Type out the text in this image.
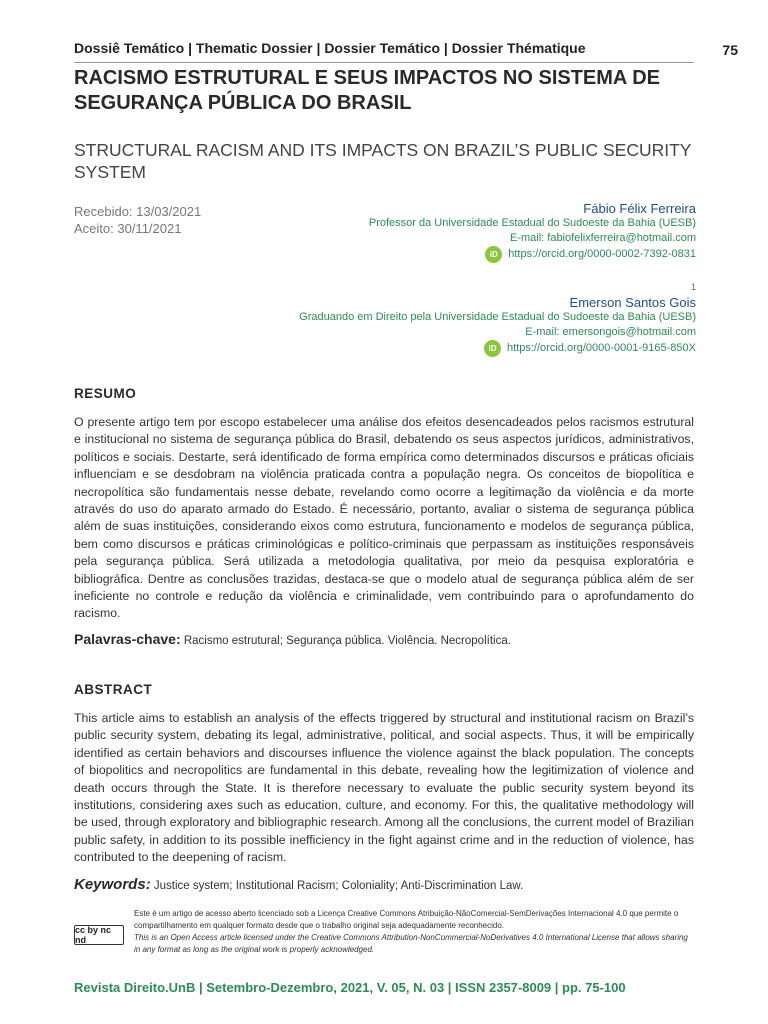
Dossiê Temático | Thematic Dossier | Dossier Temático | Dossier Thématique	75
RACISMO ESTRUTURAL E SEUS IMPACTOS NO SISTEMA DE SEGURANÇA PÚBLICA DO BRASIL
STRUCTURAL RACISM AND ITS IMPACTS ON BRAZIL’S PUBLIC SECURITY SYSTEM
Recebido: 13/03/2021
Aceito: 30/11/2021
Fábio Félix Ferreira
Professor da Universidade Estadual do Sudoeste da Bahia (UESB)
E-mail: fabiofelixferreira@hotmail.com
iD https://orcid.org/0000-0002-7392-0831
1
Emerson Santos Gois
Graduando em Direito pela Universidade Estadual do Sudoeste da Bahia (UESB)
E-mail: emersongois@hotmail.com
iD https://orcid.org/0000-0001-9165-850X
RESUMO
O presente artigo tem por escopo estabelecer uma análise dos efeitos desencadeados pelos racismos estrutural e institucional no sistema de segurança pública do Brasil, debatendo os seus aspectos jurídicos, administrativos, políticos e sociais. Destarte, será identificado de forma empírica como determinados discursos e práticas oficiais influenciam e se desdobram na violência praticada contra a população negra. Os conceitos de biopolítica e necropolítica são fundamentais nesse debate, revelando como ocorre a legitimação da violência e da morte através do uso do aparato armado do Estado. É necessário, portanto, avaliar o sistema de segurança pública além de suas instituições, considerando eixos como estrutura, funcionamento e modelos de segurança pública, bem como discursos e práticas criminológicas e político-criminais que perpassam as instituições responsáveis pela segurança pública. Será utilizada a metodologia qualitativa, por meio da pesquisa exploratória e bibliográfica. Dentre as conclusões trazidas, destaca-se que o modelo atual de segurança pública além de ser ineficiente no controle e redução da violência e criminalidade, vem contribuindo para o aprofundamento do racismo.
Palavras-chave: Racismo estrutural; Segurança pública. Violência. Necropolítica.
ABSTRACT
This article aims to establish an analysis of the effects triggered by structural and institutional racism on Brazil’s public security system, debating its legal, administrative, political, and social aspects. Thus, it will be empirically identified as certain behaviors and discourses influence the violence against the black population. The concepts of biopolitics and necropolitics are fundamental in this debate, revealing how the legitimization of violence and death occurs through the State. It is therefore necessary to evaluate the public security system beyond its institutions, considering axes such as education, culture, and economy. For this, the qualitative methodology will be used, through exploratory and bibliographic research. Among all the conclusions, the current model of Brazilian public safety, in addition to its possible inefficiency in the fight against crime and in the reduction of violence, has contributed to the deepening of racism.
Keywords: Justice system; Institutional Racism; Coloniality; Anti-Discrimination Law.
cc by nc nd
Este é um artigo de acesso aberto licenciado sob a Licença Creative Commons Atribuição-NãoComercial-SemDerivações Internacional 4.0 que permite o compartilhamento em qualquer formato desde que o trabalho original seja adequadamente reconhecido.
This is an Open Access article licensed under the Creative Commons Attribution-NonCommercial-NoDerivatives 4.0 International License that allows sharing in any format as long as the original work is properly acknowledged.
Revista Direito.UnB | Setembro-Dezembro, 2021, V. 05, N. 03 | ISSN 2357-8009 | pp. 75-100
